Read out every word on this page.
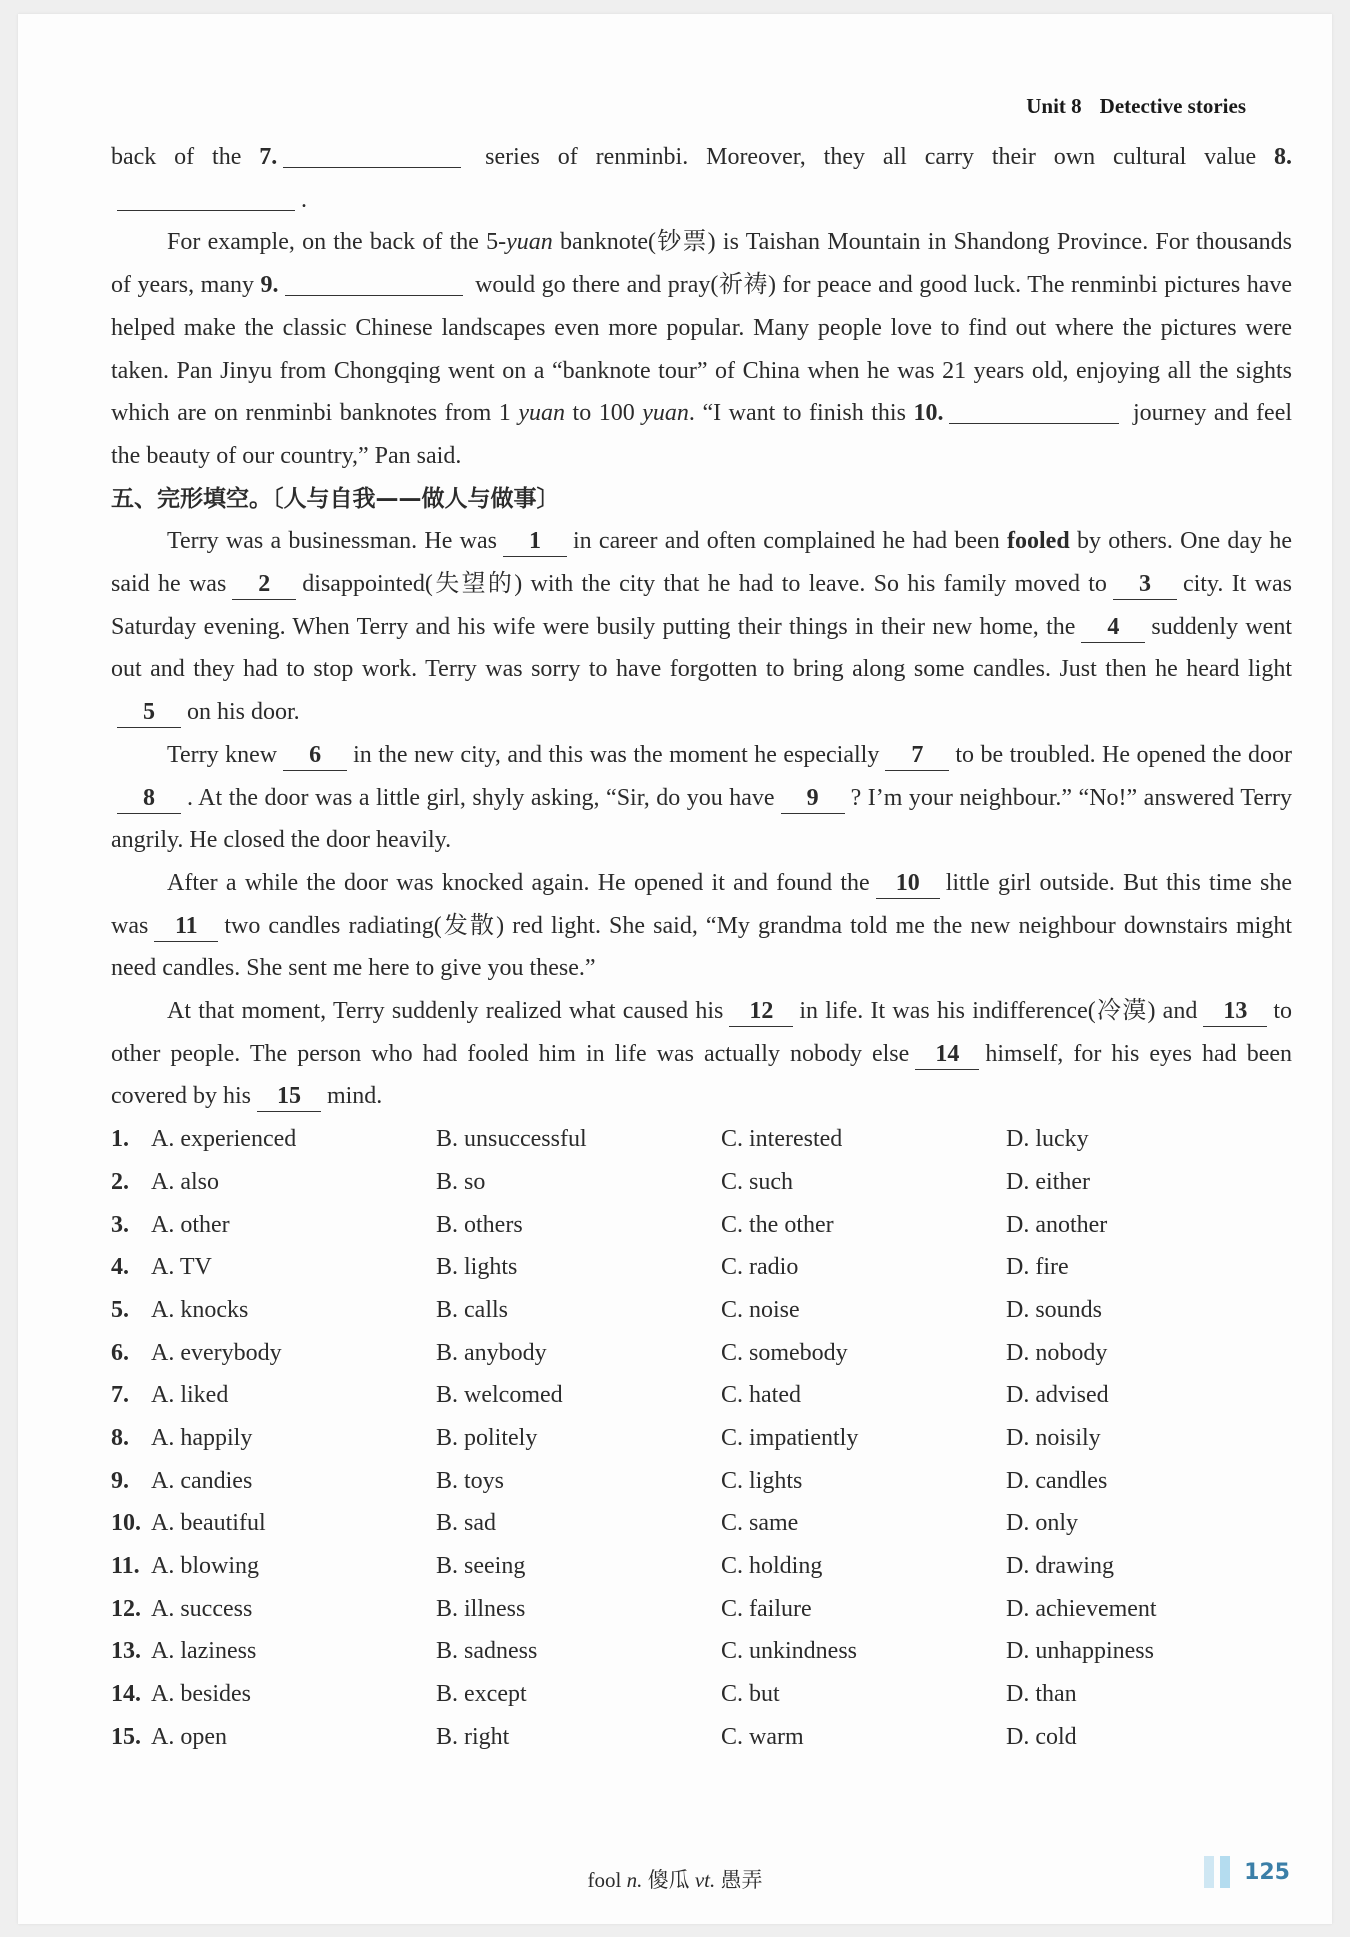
Unit 8 Detective stories

back of the 7.	series of renminbi. Moreover, they all carry their own cultural value 8..

For example, on the back of the 5-yuan banknote(钞票) is Taishan Mountain in Shandong Province. For thousands of years, many 9.	would go there and pray(祈祷) for peace and good luck. The renminbi pictures have helped make the classic Chinese landscapes even more popular. Many people love to find out where the pictures were taken. Pan Jinyu from Chongqing went on a “banknote tour” of China when he was 21 years old, enjoying all the sights which are on renminbi banknotes from 1 yuan to 100 yuan. “I want to finish this 10.	journey and feel the beauty of our country,” Pan said.

五、完形填空。〔人与自我——做人与做事〕

Terry was a businessman. He was 1 in career and often complained he had been fooled by others. One day he said he was 2 disappointed(失望的) with the city that he had to leave. So his family moved to 3 city. It was Saturday evening. When Terry and his wife were busily putting their things in their new home, the 4 suddenly went out and they had to stop work. Terry was sorry to have forgotten to bring along some candles. Just then he heard light5 on his door.

Terry knew 6 in the new city, and this was the moment he especially 7 to be troubled. He opened the door8 . At the door was a little girl, shyly asking, “Sir, do you have 9 ? I’m your neighbour.” “No!” answered Terry angrily. He closed the door heavily.

After a while the door was knocked again. He opened it and found the 10 little girl outside. But this time she was 11 two candles radiating(发散) red light. She said, “My grandma told me the new neighbour downstairs might need candles. She sent me here to give you these.”

At that moment, Terry suddenly realized what caused his 12 in life. It was his indifference(冷漠) and 13 to other people. The person who had fooled him in life was actually nobody else 14 himself, for his eyes had been covered by his 15 mind.

1. A. experienced	B. unsuccessful	C. interested	D. lucky
2. A. also	B. so	C. such	D. either
3. A. other	B. others	C. the other	D. another
4. A. TV	B. lights	C. radio	D. fire
5. A. knocks	B. calls	C. noise	D. sounds
6. A. everybody	B. anybody	C. somebody	D. nobody
7. A. liked	B. welcomed	C. hated	D. advised
8. A. happily	B. politely	C. impatiently	D. noisily
9. A. candies	B. toys	C. lights	D. candles
10. A. beautiful	B. sad	C. same	D. only
11. A. blowing	B. seeing	C. holding	D. drawing
12. A. success	B. illness	C. failure	D. achievement
13. A. laziness	B. sadness	C. unkindness	D. unhappiness
14. A. besides	B. except	C. but	D. than
15. A. open	B. right	C. warm	D. cold
fool n. 傻瓜 vt. 愚弄	125
